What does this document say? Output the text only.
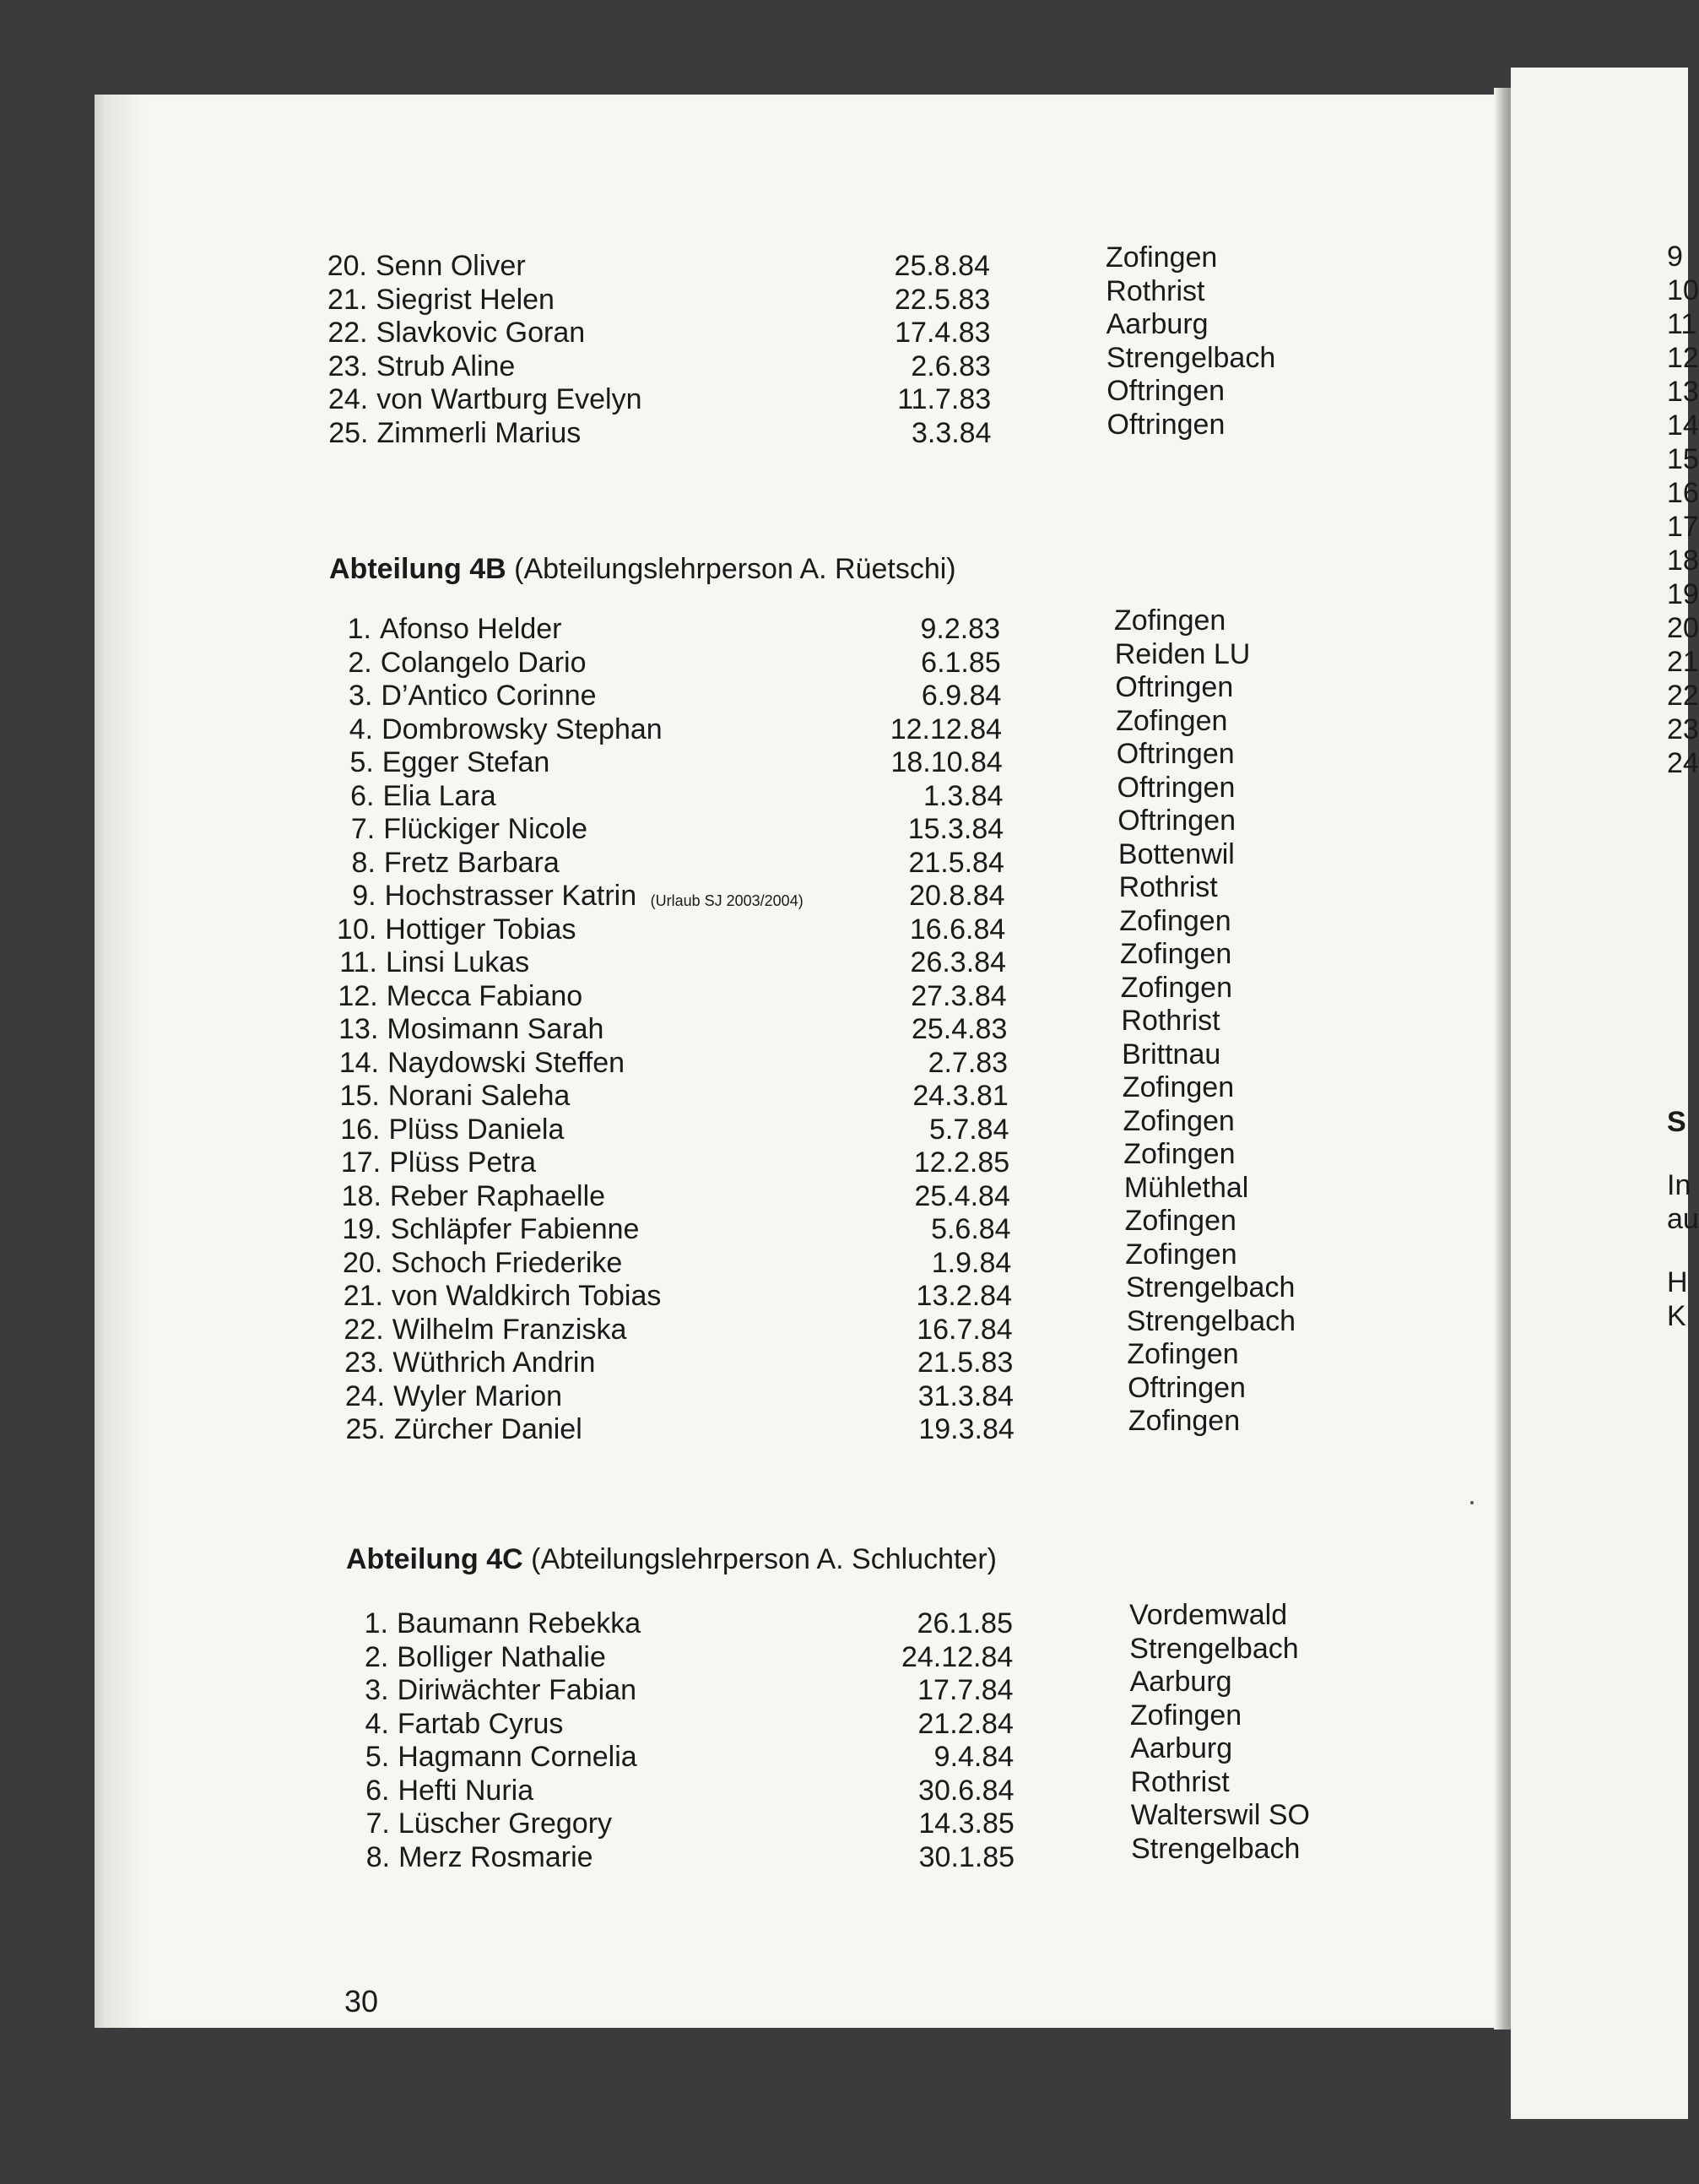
20. Senn Oliver	25.8.84	Zofingen
21. Siegrist Helen	22.5.83	Rothrist
22. Slavkovic Goran	17.4.83	Aarburg
23. Strub Aline	2.6.83	Strengelbach
24. von Wartburg Evelyn	11.7.83	Oftringen
25. Zimmerli Marius	3.3.84	Oftringen
Abteilung 4B (Abteilungslehrperson A. Rüetschi)
1. Afonso Helder	9.2.83	Zofingen
2. Colangelo Dario	6.1.85	Reiden LU
3. D’Antico Corinne	6.9.84	Oftringen
4. Dombrowsky Stephan	12.12.84	Zofingen
5. Egger Stefan	18.10.84	Oftringen
6. Elia Lara	1.3.84	Oftringen
7. Flückiger Nicole	15.3.84	Oftringen
8. Fretz Barbara	21.5.84	Bottenwil
9. Hochstrasser Katrin (Urlaub SJ 2003/2004)	20.8.84	Rothrist
10. Hottiger Tobias	16.6.84	Zofingen
11. Linsi Lukas	26.3.84	Zofingen
12. Mecca Fabiano	27.3.84	Zofingen
13. Mosimann Sarah	25.4.83	Rothrist
14. Naydowski Steffen	2.7.83	Brittnau
15. Norani Saleha	24.3.81	Zofingen
16. Plüss Daniela	5.7.84	Zofingen
17. Plüss Petra	12.2.85	Zofingen
18. Reber Raphaelle	25.4.84	Mühlethal
19. Schläpfer Fabienne	5.6.84	Zofingen
20. Schoch Friederike	1.9.84	Zofingen
21. von Waldkirch Tobias	13.2.84	Strengelbach
22. Wilhelm Franziska	16.7.84	Strengelbach
23. Wüthrich Andrin	21.5.83	Zofingen
24. Wyler Marion	31.3.84	Oftringen
25. Zürcher Daniel	19.3.84	Zofingen
Abteilung 4C (Abteilungslehrperson A. Schluchter)
1. Baumann Rebekka	26.1.85	Vordemwald
2. Bolliger Nathalie	24.12.84	Strengelbach
3. Diriwächter Fabian	17.7.84	Aarburg
4. Fartab Cyrus	21.2.84	Zofingen
5. Hagmann Cornelia	9.4.84	Aarburg
6. Hefti Nuria	30.6.84	Rothrist
7. Lüscher Gregory	14.3.85	Walterswil SO
8. Merz Rosmarie	30.1.85	Strengelbach
30
9
10
11
12
13
14
15
16
17
18
19
20
21
22
23
24
S
In
au
H
K
